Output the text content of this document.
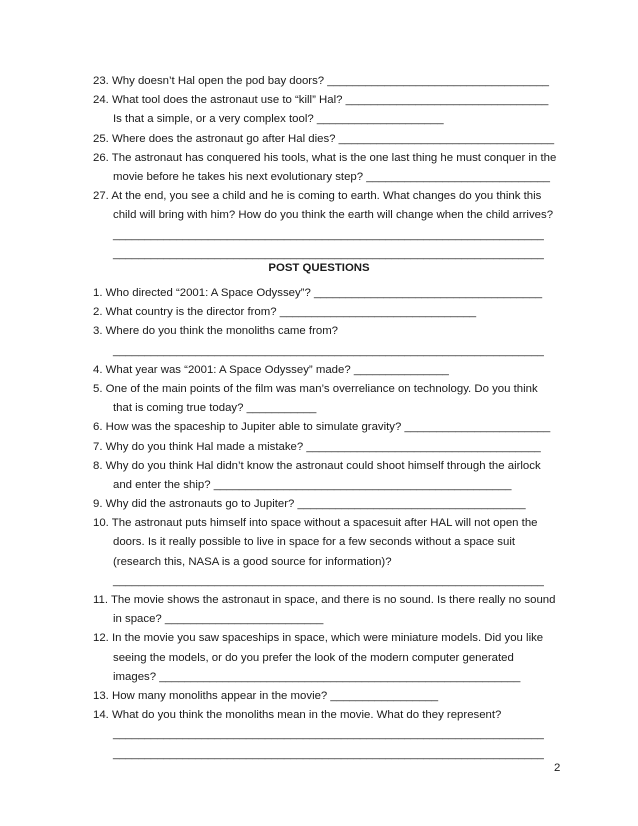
23. Why doesn’t Hal open the pod bay doors? ___________________________________
24. What tool does the astronaut use to “kill” Hal? ________________________________
Is that a simple, or a very complex tool? ____________________
25. Where does the astronaut go after Hal dies? __________________________________
26. The astronaut has conquered his tools, what is the one last thing he must conquer in the
movie before he takes his next evolutionary step? _____________________________
27. At the end, you see a child and he is coming to earth. What changes do you think this
child will bring with him? How do you think the earth will change when the child arrives?
____________________________________________________________________
____________________________________________________________________
POST QUESTIONS
1. Who directed “2001: A Space Odyssey”? ____________________________________
2. What country is the director from? _______________________________
3. Where do you think the monoliths came from?
____________________________________________________________________
4. What year was “2001: A Space Odyssey” made? _______________
5. One of the main points of the film was man’s overreliance on technology. Do you think
that is coming true today? ___________
6. How was the spaceship to Jupiter able to simulate gravity? _______________________
7. Why do you think Hal made a mistake? _____________________________________
8. Why do you think Hal didn’t know the astronaut could shoot himself through the airlock
and enter the ship? _______________________________________________
9. Why did the astronauts go to Jupiter? ____________________________________
10. The astronaut puts himself into space without a spacesuit after HAL will not open the
doors. Is it really possible to live in space for a few seconds without a space suit
(research this, NASA is a good source for information)?
____________________________________________________________________
11. The movie shows the astronaut in space, and there is no sound. Is there really no sound
in space? _________________________
12. In the movie you saw spaceships in space, which were miniature models. Did you like
seeing the models, or do you prefer the look of the modern computer generated
images? _________________________________________________________
13. How many monoliths appear in the movie? _________________
14. What do you think the monoliths mean in the movie. What do they represent?
____________________________________________________________________
____________________________________________________________________
2
